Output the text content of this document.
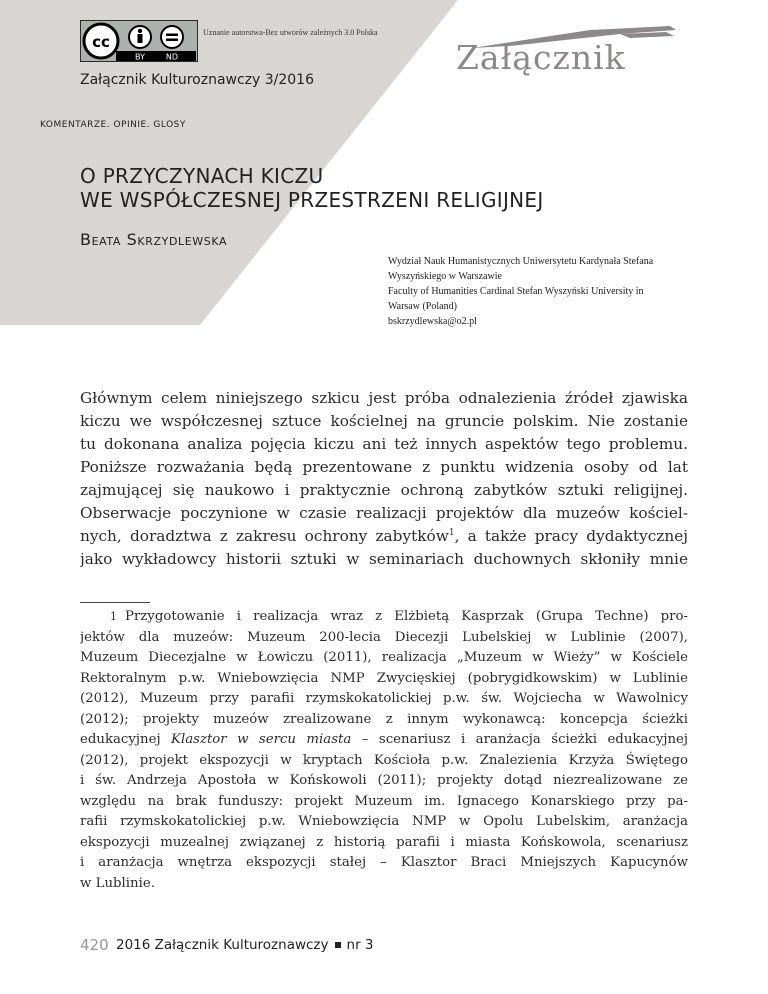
cc
BY	ND
Uznanie autorstwa-Bez utworów zależnych 3.0 Polska
Załącznik
Załącznik Kulturoznawczy 3/2016
KOMENTARZE. OPINIE. GLOSY
O PRZYCZYNACH KICZU
WE WSPÓŁCZESNEJ PRZESTRZENI RELIGIJNEJ
Beata Skrzydlewska
Wydział Nauk Humanistycznych Uniwersytetu Kardynała Stefana
Wyszyńskiego w Warszawie
Faculty of Humanities Cardinal Stefan Wyszyński University in
Warsaw (Poland)
bskrzydlewska@o2.pl
Głównym celem niniejszego szkicu jest próba odnalezienia źródeł zjawiska
kiczu we współczesnej sztuce kościelnej na gruncie polskim. Nie zostanie
tu dokonana analiza pojęcia kiczu ani też innych aspektów tego problemu.
Poniższe rozważania będą prezentowane z punktu widzenia osoby od lat
zajmującej się naukowo i praktycznie ochroną zabytków sztuki religijnej.
Obserwacje poczynione w czasie realizacji projektów dla muzeów kościel-
nych, doradztwa z zakresu ochrony zabytków$^1$, a także pracy dydaktycznej
jako wykładowcy historii sztuki w seminariach duchownych skłoniły mnie
1 Przygotowanie i realizacja wraz z Elżbietą Kasprzak (Grupa Techne) pro-
jektów dla muzeów: Muzeum 200-lecia Diecezji Lubelskiej w Lublinie (2007),
Muzeum Diecezjalne w Łowiczu (2011), realizacja „Muzeum w Wieży” w Kościele
Rektoralnym p.w. Wniebowzięcia NMP Zwycięskiej (pobrygidkowskim) w Lublinie
(2012), Muzeum przy parafii rzymskokatolickiej p.w. św. Wojciecha w Wawolnicy
(2012); projekty muzeów zrealizowane z innym wykonawcą: koncepcja ścieżki
edukacyjnej Klasztor w sercu miasta – scenariusz i aranżacja ścieżki edukacyjnej
(2012), projekt ekspozycji w kryptach Kościoła p.w. Znalezienia Krzyża Świętego
i św. Andrzeja Apostoła w Końskowoli (2011); projekty dotąd niezrealizowane ze
względu na brak funduszy: projekt Muzeum im. Ignacego Konarskiego przy pa-
rafii rzymskokatolickiej p.w. Wniebowzięcia NMP w Opolu Lubelskim, aranżacja
ekspozycji muzealnej związanej z historią parafii i miasta Końskowola, scenariusz
i aranżacja wnętrza ekspozycji stałej – Klasztor Braci Mniejszych Kapucynów
w Lublinie.
420 2016 Załącznik Kulturoznawczy nr 3
